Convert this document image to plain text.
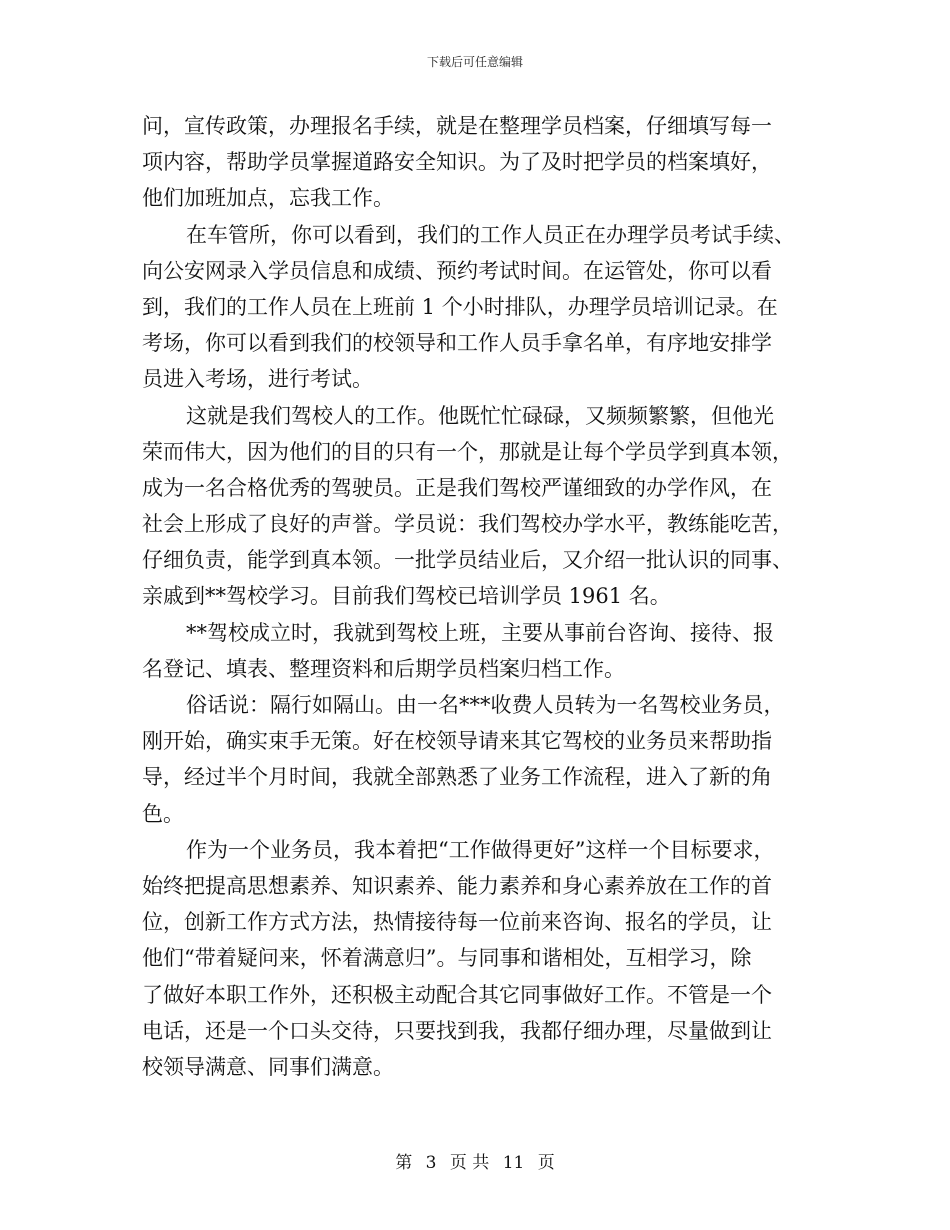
下载后可任意编辑
问，宣传政策，办理报名手续，就是在整理学员档案，仔细填写每一
项内容，帮助学员掌握道路安全知识。为了及时把学员的档案填好，
他们加班加点，忘我工作。
在车管所，你可以看到，我们的工作人员正在办理学员考试手续、
向公安网录入学员信息和成绩、预约考试时间。在运管处，你可以看
到，我们的工作人员在上班前 1 个小时排队，办理学员培训记录。在
考场，你可以看到我们的校领导和工作人员手拿名单，有序地安排学
员进入考场，进行考试。
这就是我们驾校人的工作。他既忙忙碌碌，又频频繁繁，但他光
荣而伟大，因为他们的目的只有一个，那就是让每个学员学到真本领，
成为一名合格优秀的驾驶员。正是我们驾校严谨细致的办学作风，在
社会上形成了良好的声誉。学员说：我们驾校办学水平，教练能吃苦，
仔细负责，能学到真本领。一批学员结业后，又介绍一批认识的同事、
亲戚到**驾校学习。目前我们驾校已培训学员 1961 名。
**驾校成立时，我就到驾校上班，主要从事前台咨询、接待、报
名登记、填表、整理资料和后期学员档案归档工作。
俗话说：隔行如隔山。由一名***收费人员转为一名驾校业务员，
刚开始，确实束手无策。好在校领导请来其它驾校的业务员来帮助指
导，经过半个月时间，我就全部熟悉了业务工作流程，进入了新的角
色。
作为一个业务员，我本着把“工作做得更好”这样一个目标要求，
始终把提高思想素养、知识素养、能力素养和身心素养放在工作的首
位，创新工作方式方法，热情接待每一位前来咨询、报名的学员，让
他们“带着疑问来，怀着满意归”。与同事和谐相处，互相学习，除
了做好本职工作外，还积极主动配合其它同事做好工作。不管是一个
电话，还是一个口头交待，只要找到我，我都仔细办理，尽量做到让
校领导满意、同事们满意。
第 3 页 共 11 页
